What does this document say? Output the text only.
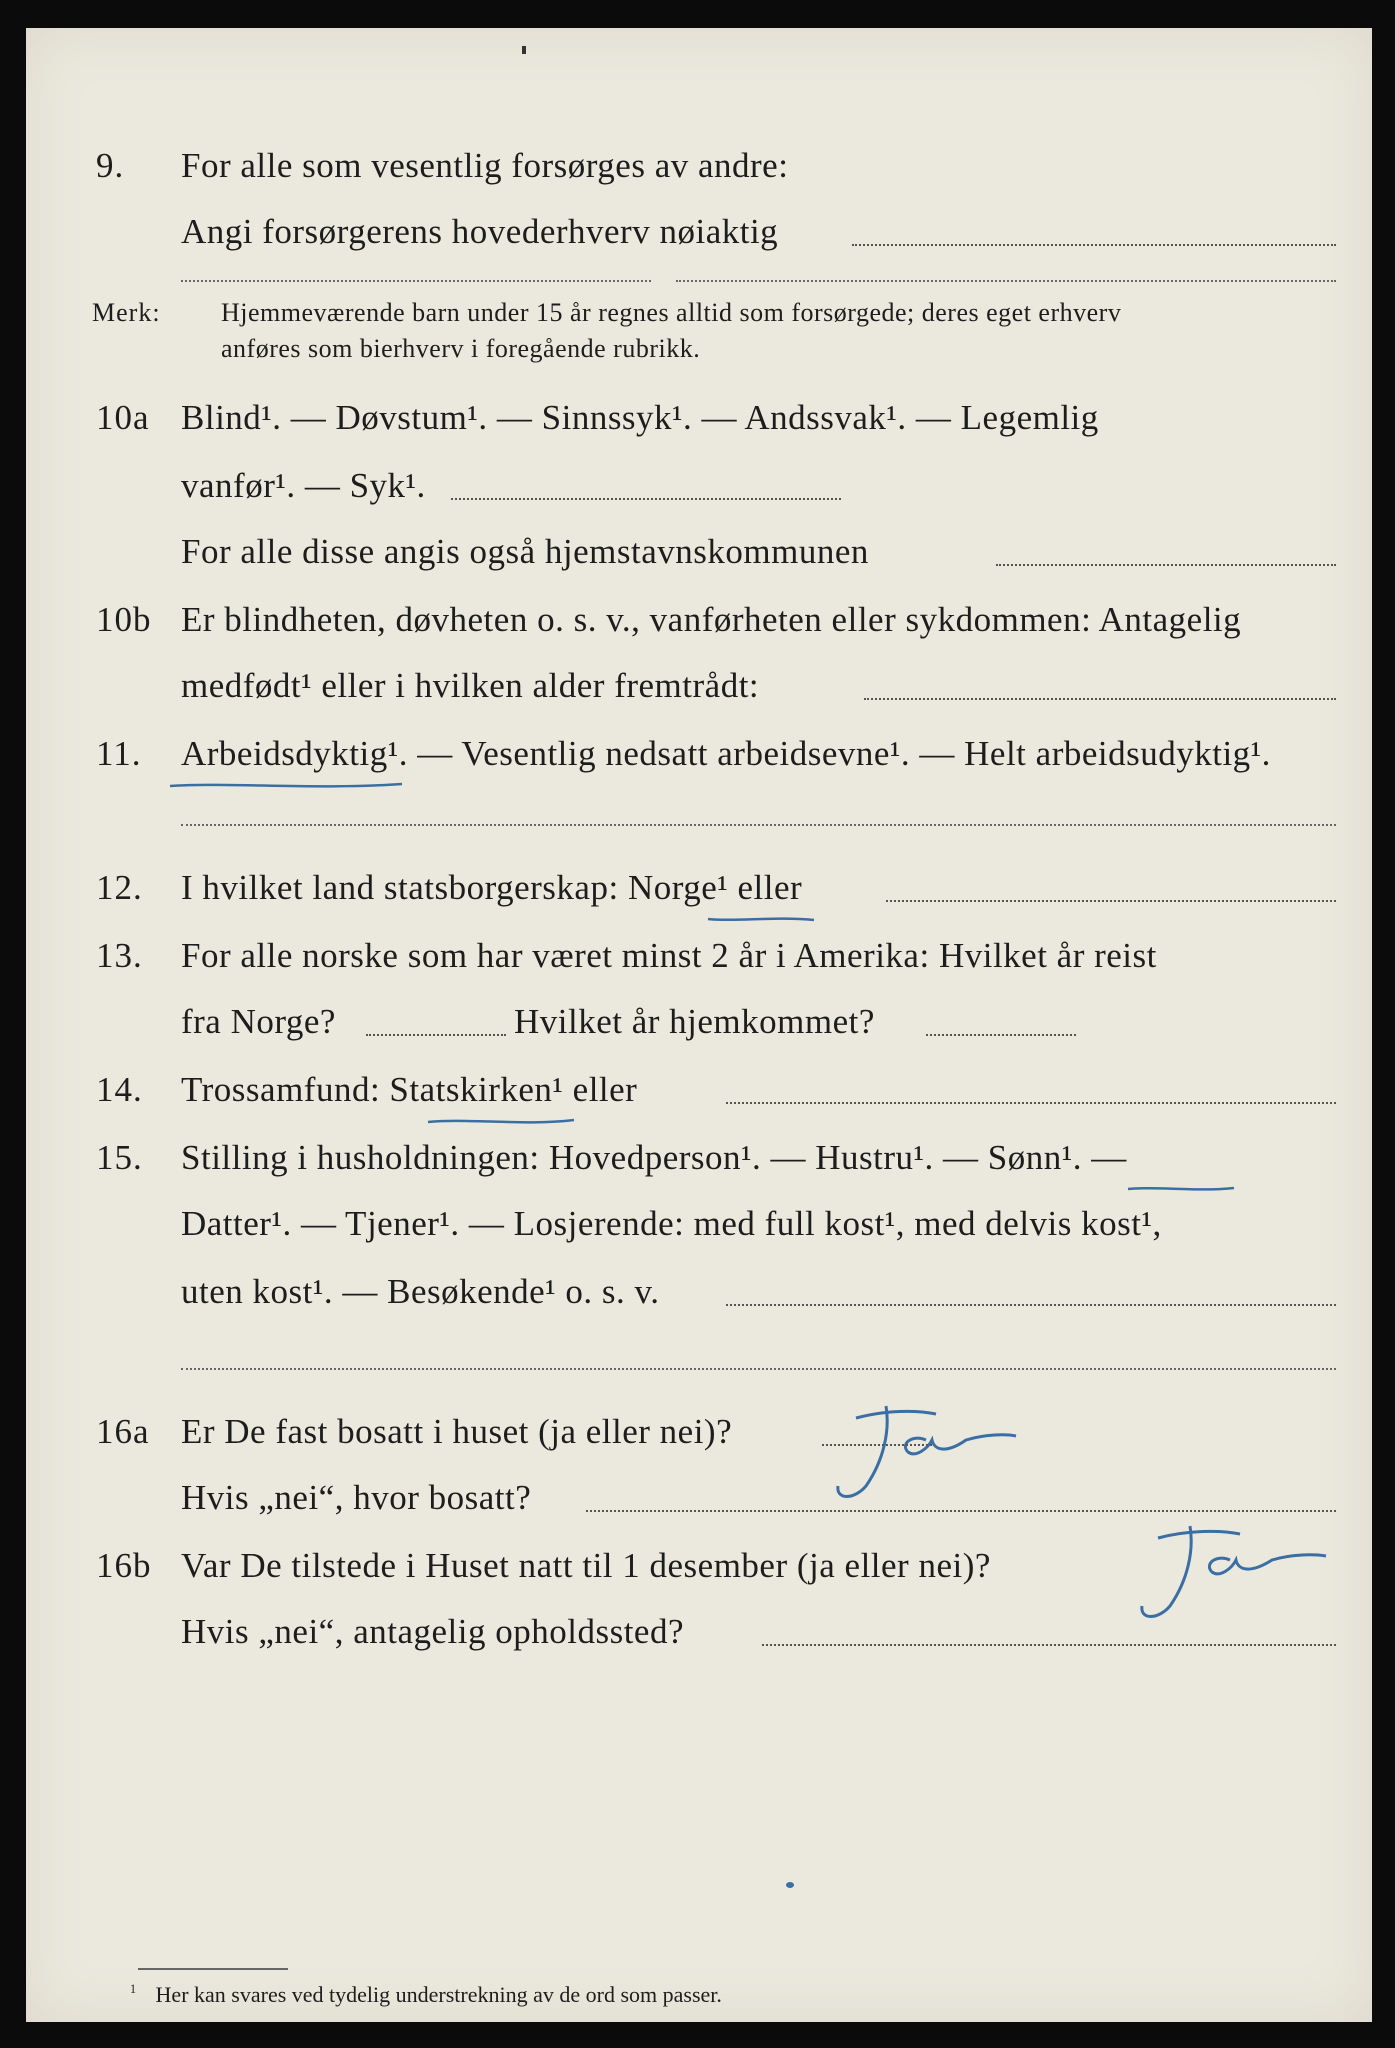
9. For alle som vesentlig forsørges av andre:
Angi forsørgerens hovederhverv nøiaktig
Merk: Hjemmeværende barn under 15 år regnes alltid som forsørgede; deres eget erhverv
anføres som bierhverv i foregående rubrikk.
10a Blind¹. — Døvstum¹. — Sinnssyk¹. — Andssvak¹. — Legemlig
vanfør¹. — Syk¹.
For alle disse angis også hjemstavnskommunen
10b Er blindheten, døvheten o. s. v., vanførheten eller sykdommen: Antagelig
medfødt¹ eller i hvilken alder fremtrådt:
11. Arbeidsdyktig¹. — Vesentlig nedsatt arbeidsevne¹. — Helt arbeidsudyktig¹.
12. I hvilket land statsborgerskap: Norge¹ eller
13. For alle norske som har været minst 2 år i Amerika: Hvilket år reist
fra Norge?	Hvilket år hjemkommet?
14. Trossamfund: Statskirken¹ eller
15. Stilling i husholdningen: Hovedperson¹. — Hustru¹. — Sønn¹. —
Datter¹. — Tjener¹. — Losjerende: med full kost¹, med delvis kost¹,
uten kost¹. — Besøkende¹ o. s. v.
16a Er De fast bosatt i huset (ja eller nei)?
Hvis „nei“, hvor bosatt?
16b Var De tilstede i Huset natt til 1 desember (ja eller nei)?
Hvis „nei“, antagelig opholdssted?
$^1$ Her kan svares ved tydelig understrekning av de ord som passer.
